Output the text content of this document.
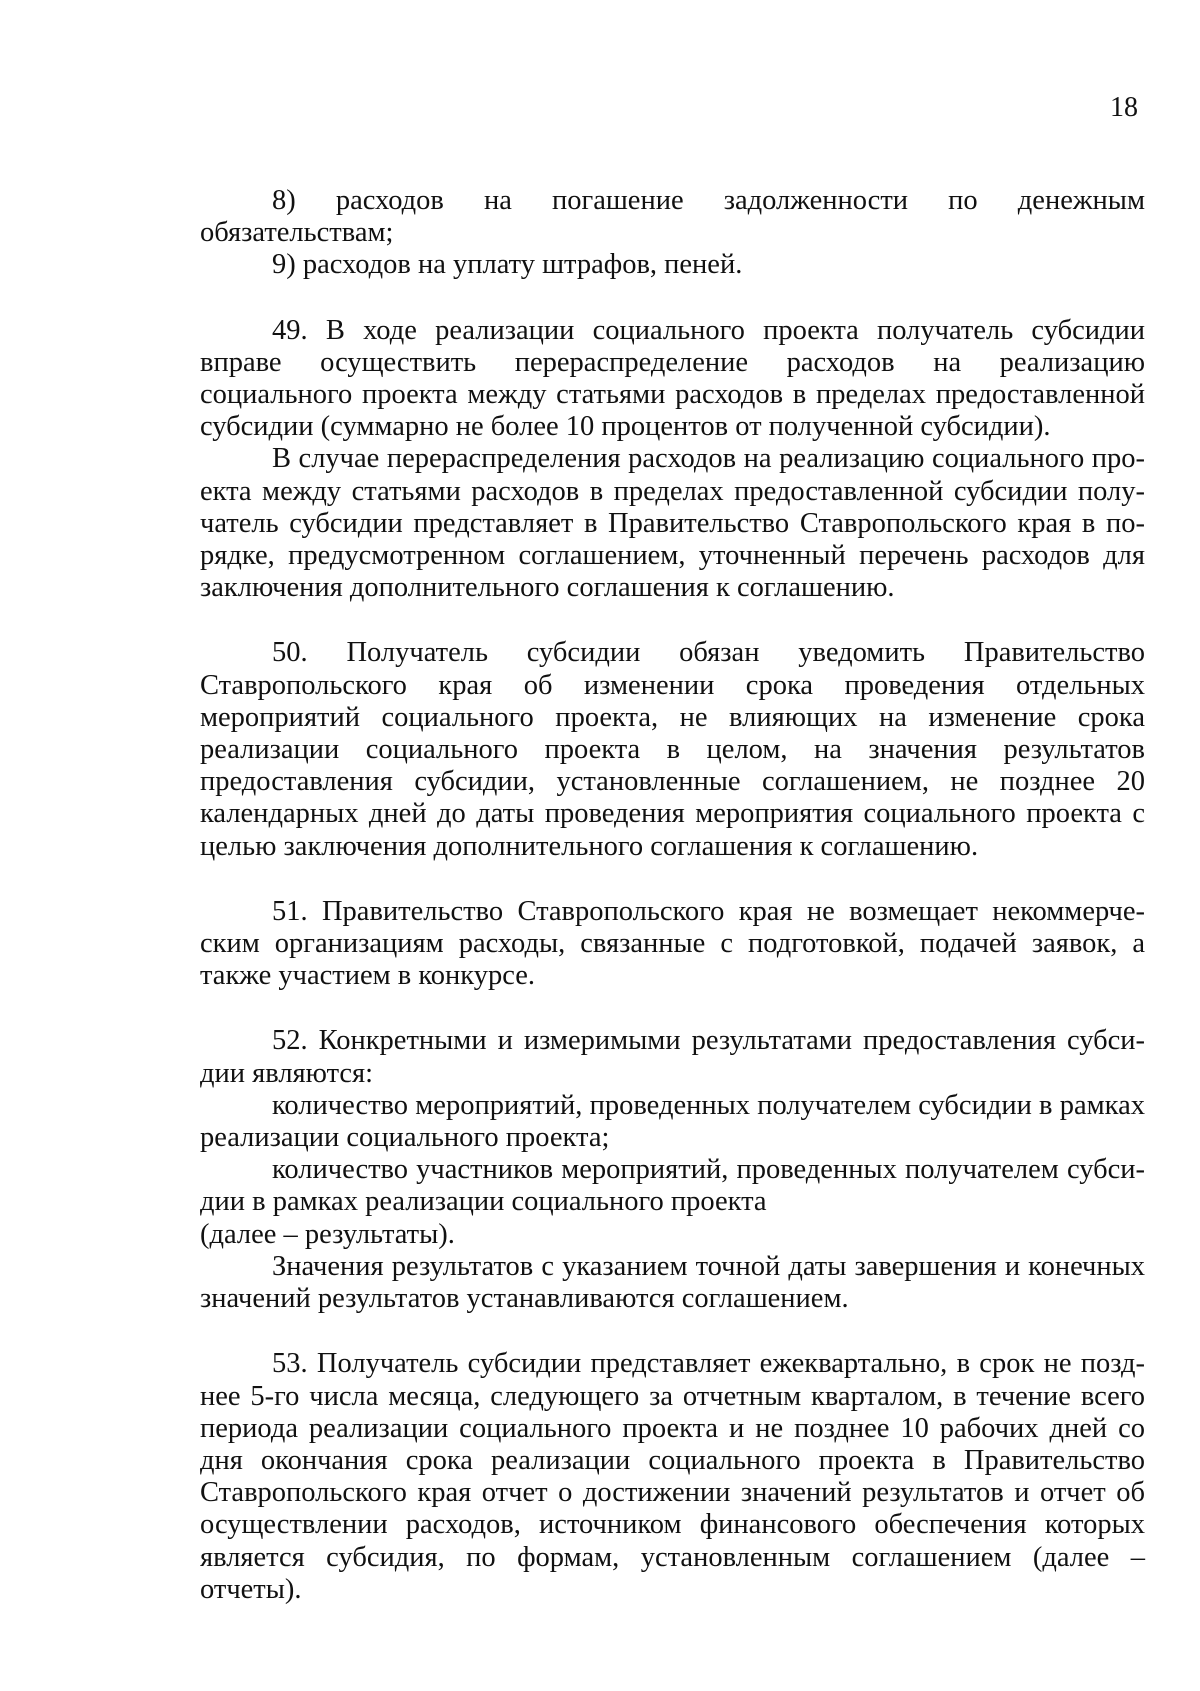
18

8) расходов на погашение задолженности по денежным обязательствам;

9) расходов на уплату штрафов, пеней.

49. В ходе реализации социального проекта получатель субсидии вправе осуществить перераспределение расходов на реализацию социального проекта между статьями расходов в пределах предоставленной субсидии (суммарно не более 10 процентов от полученной субсидии).

В случае перераспределения расходов на реализацию социального проекта между статьями расходов в пределах предоставленной субсидии получатель субсидии представляет в Правительство Ставропольского края в порядке, предусмотренном соглашением, уточненный перечень расходов для заключения дополнительного соглашения к соглашению.

50. Получатель субсидии обязан уведомить Правительство Ставропольского края об изменении срока проведения отдельных мероприятий социального проекта, не влияющих на изменение срока реализации социального проекта в целом, на значения результатов предоставления субсидии, установленные соглашением, не позднее 20 календарных дней до даты проведения мероприятия социального проекта с целью заключения дополнительного соглашения к соглашению.

51. Правительство Ставропольского края не возмещает некоммерческим организациям расходы, связанные с подготовкой, подачей заявок, а также участием в конкурсе.

52. Конкретными и измеримыми результатами предоставления субсидии являются:

количество мероприятий, проведенных получателем субсидии в рамках реализации социального проекта;

количество участников мероприятий, проведенных получателем субсидии в рамках реализации социального проекта

(далее – результаты).

Значения результатов с указанием точной даты завершения и конечных значений результатов устанавливаются соглашением.

53. Получатель субсидии представляет ежеквартально, в срок не позднее 5-го числа месяца, следующего за отчетным кварталом, в течение всего периода реализации социального проекта и не позднее 10 рабочих дней со дня окончания срока реализации социального проекта в Правительство Ставропольского края отчет о достижении значений результатов и отчет об осуществлении расходов, источником финансового обеспечения которых является субсидия, по формам, установленным соглашением (далее – отчеты).
